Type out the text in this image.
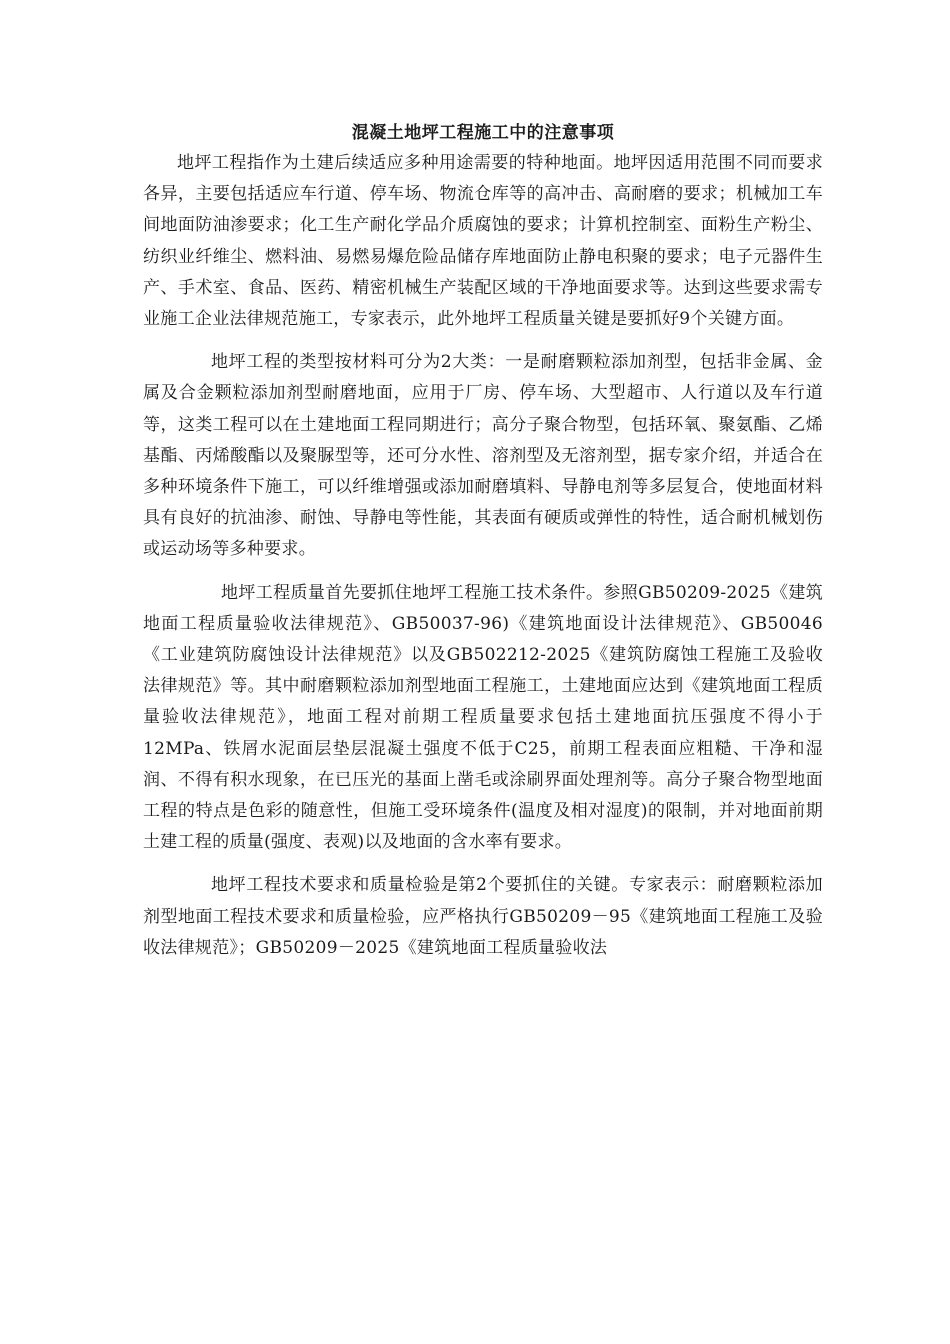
混凝土地坪工程施工中的注意事项

地坪工程指作为土建后续适应多种用途需要的特种地面。地坪因适用范围不同而要求各异，主要包括适应车行道、停车场、物流仓库等的高冲击、高耐磨的要求；机械加工车间地面防油渗要求；化工生产耐化学品介质腐蚀的要求；计算机控制室、面粉生产粉尘、纺织业纤维尘、燃料油、易燃易爆危险品储存库地面防止静电积聚的要求；电子元器件生产、手术室、食品、医药、精密机械生产装配区域的干净地面要求等。达到这些要求需专业施工企业法律规范施工，专家表示，此外地坪工程质量关键是要抓好9个关键方面。

地坪工程的类型按材料可分为2大类：一是耐磨颗粒添加剂型，包括非金属、金属及合金颗粒添加剂型耐磨地面，应用于厂房、停车场、大型超市、人行道以及车行道等，这类工程可以在土建地面工程同期进行；高分子聚合物型，包括环氧、聚氨酯、乙烯基酯、丙烯酸酯以及聚脲型等，还可分水性、溶剂型及无溶剂型，据专家介绍，并适合在多种环境条件下施工，可以纤维增强或添加耐磨填料、导静电剂等多层复合，使地面材料具有良好的抗油渗、耐蚀、导静电等性能，其表面有硬质或弹性的特性，适合耐机械划伤或运动场等多种要求。

地坪工程质量首先要抓住地坪工程施工技术条件。参照GB50209-2025《建筑地面工程质量验收法律规范》、GB50037-96)《建筑地面设计法律规范》、GB50046《工业建筑防腐蚀设计法律规范》以及GB502212-2025《建筑防腐蚀工程施工及验收法律规范》等。其中耐磨颗粒添加剂型地面工程施工，土建地面应达到《建筑地面工程质量验收法律规范》，地面工程对前期工程质量要求包括土建地面抗压强度不得小于12MPa、铁屑水泥面层垫层混凝土强度不低于C25，前期工程表面应粗糙、干净和湿润、不得有积水现象，在已压光的基面上凿毛或涂刷界面处理剂等。高分子聚合物型地面工程的特点是色彩的随意性，但施工受环境条件(温度及相对湿度)的限制，并对地面前期土建工程的质量(强度、表观)以及地面的含水率有要求。

地坪工程技术要求和质量检验是第2个要抓住的关键。专家表示：耐磨颗粒添加剂型地面工程技术要求和质量检验，应严格执行GB50209－95《建筑地面工程施工及验收法律规范》；GB50209－2025《建筑地面工程质量验收法
